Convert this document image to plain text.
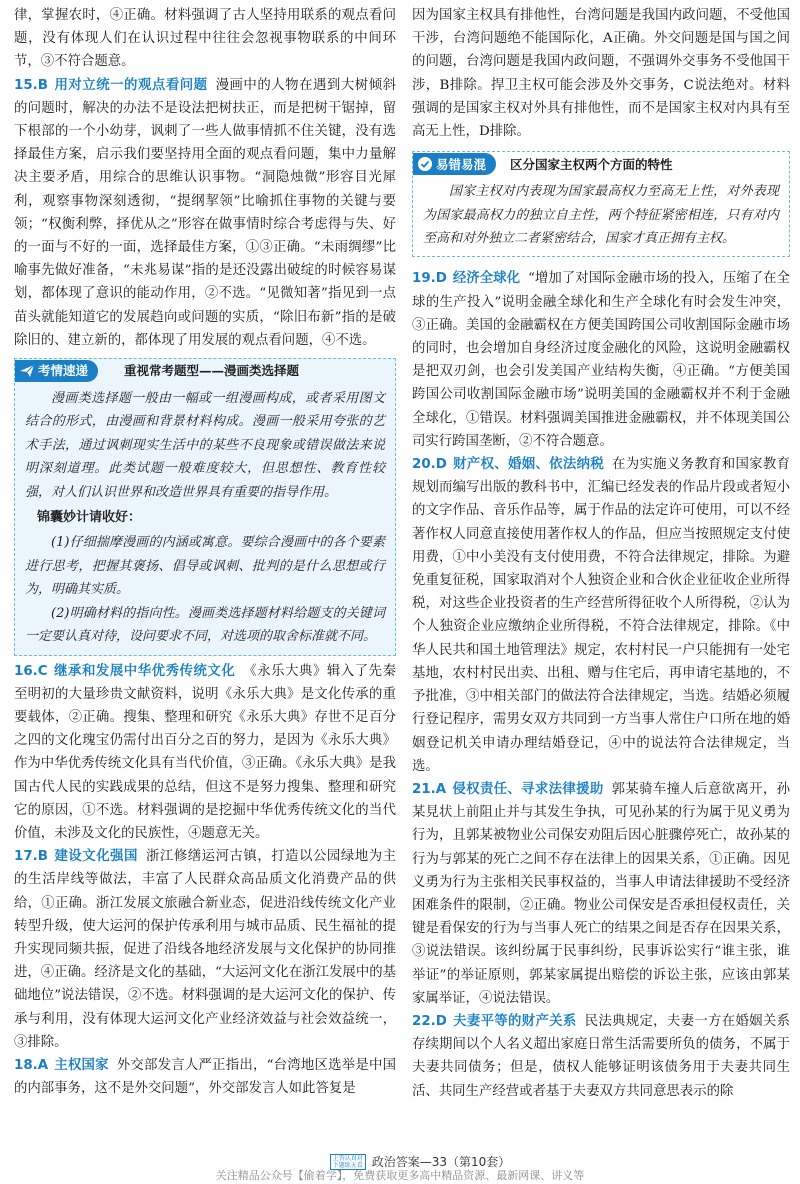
律，掌握农时，④正确。材料强调了古人坚持用联系的观点看问题，没有体现人们在认识过程中往往会忽视事物联系的中间环节，③不符合题意。

15.B 用对立统一的观点看问题 漫画中的人物在遇到大树倾斜的问题时，解决的办法不是设法把树扶正，而是把树干锯掉，留下根部的一个小幼芽，讽刺了一些人做事情抓不住关键，没有选择最佳方案，启示我们要坚持用全面的观点看问题，集中力量解决主要矛盾，用综合的思维认识事物。“洞隐烛微”形容目光犀利，观察事物深刻透彻，“提纲挈领”比喻抓住事物的关键与要领；“权衡利弊，择优从之”形容在做事情时综合考虑得与失、好的一面与不好的一面，选择最佳方案，①③正确。“未雨绸缪”比喻事先做好准备，“未兆易谋”指的是还没露出破绽的时候容易谋划，都体现了意识的能动作用，②不选。“见微知著”指见到一点苗头就能知道它的发展趋向或问题的实质，“除旧布新”指的是破除旧的、建立新的，都体现了用发展的观点看问题，④不选。

考情速递	重视常考题型——漫画类选择题

漫画类选择题一般由一幅或一组漫画构成，或者采用图文结合的形式，由漫画和背景材料构成。漫画一般采用夸张的艺术手法，通过讽刺现实生活中的某些不良现象或错误做法来说明深刻道理。此类试题一般难度较大，但思想性、教育性较强，对人们认识世界和改造世界具有重要的指导作用。

锦囊妙计请收好：

(1)仔细揣摩漫画的内涵或寓意。要综合漫画中的各个要素进行思考，把握其褒扬、倡导或讽刺、批判的是什么思想或行为，明确其实质。

(2)明确材料的指向性。漫画类选择题材料给题支的关键词一定要认真对待，设问要求不同，对选项的取舍标准就不同。

16.C 继承和发展中华优秀传统文化 《永乐大典》辑入了先秦至明初的大量珍贵文献资料，说明《永乐大典》是文化传承的重要载体，②正确。搜集、整理和研究《永乐大典》存世不足百分之四的文化瑰宝仍需付出百分之百的努力，是因为《永乐大典》作为中华优秀传统文化具有当代价值，③正确。《永乐大典》是我国古代人民的实践成果的总结，但这不是努力搜集、整理和研究它的原因，①不选。材料强调的是挖掘中华优秀传统文化的当代价值，未涉及文化的民族性，④题意无关。

17.B 建设文化强国 浙江修缮运河古镇，打造以公园绿地为主的生活岸线等做法，丰富了人民群众高品质文化消费产品的供给，①正确。浙江发展文旅融合新业态，促进沿线传统文化产业转型升级，使大运河的保护传承利用与城市品质、民生福祉的提升实现同频共振，促进了沿线各地经济发展与文化保护的协同推进，④正确。经济是文化的基础，“大运河文化在浙江发展中的基础地位”说法错误，②不选。材料强调的是大运河文化的保护、传承与利用，没有体现大运河文化产业经济效益与社会效益统一，③排除。

18.A 主权国家 外交部发言人严正指出，“台湾地区选举是中国的内部事务，这不是外交问题”，外交部发言人如此答复是

因为国家主权具有排他性，台湾问题是我国内政问题，不受他国干涉，台湾问题绝不能国际化，A正确。外交问题是国与国之间的问题，台湾问题是我国内政问题，不强调外交事务不受他国干涉，B排除。捍卫主权可能会涉及外交事务，C说法绝对。材料强调的是国家主权对外具有排他性，而不是国家主权对内具有至高无上性，D排除。

易错易混 区分国家主权两个方面的特性

国家主权对内表现为国家最高权力至高无上性，对外表现为国家最高权力的独立自主性，两个特征紧密相连，只有对内至高和对外独立二者紧密结合，国家才真正拥有主权。

19.D 经济全球化 “增加了对国际金融市场的投入，压缩了在全球的生产投入”说明金融全球化和生产全球化有时会发生冲突，③正确。美国的金融霸权在方便美国跨国公司收割国际金融市场的同时，也会增加自身经济过度金融化的风险，这说明金融霸权是把双刃剑，也会引发美国产业结构失衡，④正确。“方便美国跨国公司收割国际金融市场”说明美国的金融霸权并不利于金融全球化，①错误。材料强调美国推进金融霸权，并不体现美国公司实行跨国垄断，②不符合题意。

20.D 财产权、婚姻、依法纳税 在为实施义务教育和国家教育规划而编写出版的教科书中，汇编已经发表的作品片段或者短小的文字作品、音乐作品等，属于作品的法定许可使用，可以不经著作权人同意直接使用著作权人的作品，但应当按照规定支付使用费，①中小美没有支付使用费，不符合法律规定，排除。为避免重复征税，国家取消对个人独资企业和合伙企业征收企业所得税，对这些企业投资者的生产经营所得征收个人所得税，②认为个人独资企业应缴纳企业所得税，不符合法律规定，排除。《中华人民共和国土地管理法》规定，农村村民一户只能拥有一处宅基地，农村村民出卖、出租、赠与住宅后，再申请宅基地的，不予批准，③中相关部门的做法符合法律规定，当选。结婚必须履行登记程序，需男女双方共同到一方当事人常住户口所在地的婚姻登记机关申请办理结婚登记，④中的说法符合法律规定，当选。

21.A 侵权责任、寻求法律援助 郭某骑车撞人后意欲离开，孙某見状上前阻止并与其发生争执，可见孙某的行为属于见义勇为行为，且郭某被物业公司保安劝阻后因心脏骤停死亡，故孙某的行为与郭某的死亡之间不存在法律上的因果关系，①正确。因见义勇为行为主张相关民事权益的，当事人申请法律援助不受经济困难条件的限制，②正确。物业公司保安是否承担侵权责任，关键是看保安的行为与当事人死亡的结果之间是否存在因果关系，③说法错误。该纠纷属于民事纠纷，民事诉讼实行“谁主张，谁举证”的举证原则，郭某家属提出赔偿的诉讼主张，应该由郭某家属举证，④说法错误。

22.D 夫妻平等的财产关系 民法典规定，夫妻一方在婚姻关系存续期间以个人名义超出家庭日常生活需要所负的债务，不属于夫妻共同债务；但是，债权人能够证明该债务用于夫妻共同生活、共同生产经营或者基于夫妻双方共同意思表示的除

上答认真对
下题练天看 政治答案—33（第10套）
关注精品公众号【偷着学】，免费获取更多高中精品资源、最新网课、讲义等
